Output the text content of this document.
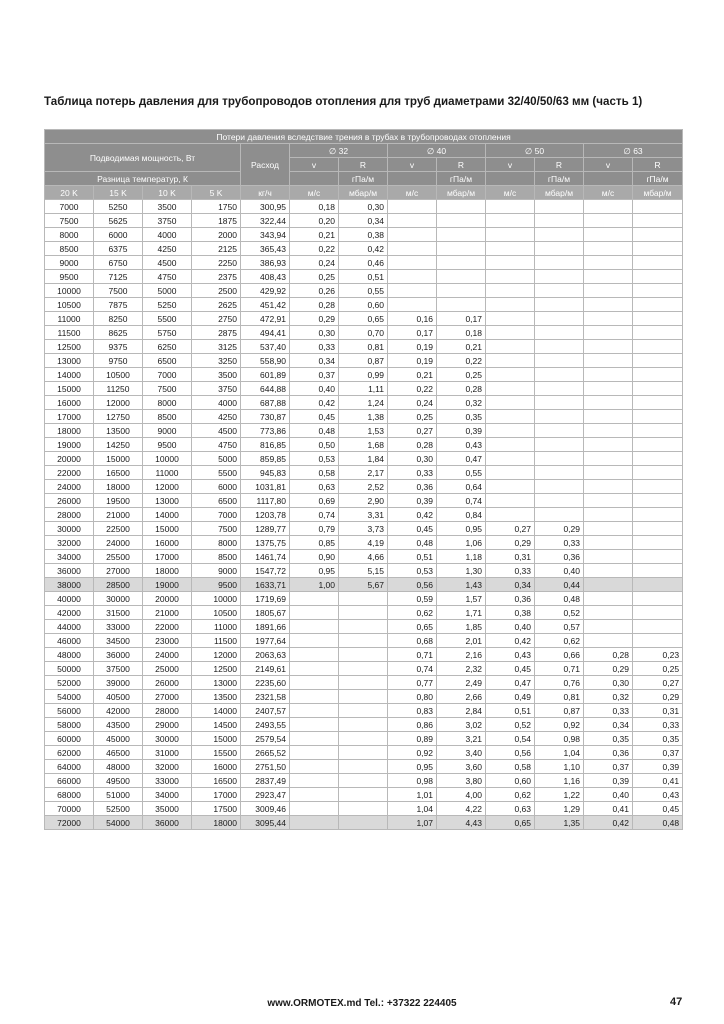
Таблица потерь давления для трубопроводов отопления для труб диаметрами 32/40/50/63 мм (часть 1)
Потери давления вследствие трения в трубах в трубопроводах отопления												
Подводимая мощность, Вт				Расход	∅ 32		∅ 40		∅ 50		∅ 63	
					v	R	v	R	v	R	v	R
Разница температур, К						гПа/м		гПа/м		гПа/м		гПа/м
20 K	15 K	10 K	5 K	кг/ч	м/с	мбар/м	м/с	мбар/м	м/с	мбар/м	м/с	мбар/м
7000	5250	3500	1750	300,95	0,18	0,30						
7500	5625	3750	1875	322,44	0,20	0,34						
8000	6000	4000	2000	343,94	0,21	0,38						
8500	6375	4250	2125	365,43	0,22	0,42						
9000	6750	4500	2250	386,93	0,24	0,46						
9500	7125	4750	2375	408,43	0,25	0,51						
10000	7500	5000	2500	429,92	0,26	0,55						
10500	7875	5250	2625	451,42	0,28	0,60						
11000	8250	5500	2750	472,91	0,29	0,65	0,16	0,17				
11500	8625	5750	2875	494,41	0,30	0,70	0,17	0,18				
12500	9375	6250	3125	537,40	0,33	0,81	0,19	0,21				
13000	9750	6500	3250	558,90	0,34	0,87	0,19	0,22				
14000	10500	7000	3500	601,89	0,37	0,99	0,21	0,25				
15000	11250	7500	3750	644,88	0,40	1,11	0,22	0,28				
16000	12000	8000	4000	687,88	0,42	1,24	0,24	0,32				
17000	12750	8500	4250	730,87	0,45	1,38	0,25	0,35				
18000	13500	9000	4500	773,86	0,48	1,53	0,27	0,39				
19000	14250	9500	4750	816,85	0,50	1,68	0,28	0,43				
20000	15000	10000	5000	859,85	0,53	1,84	0,30	0,47				
22000	16500	11000	5500	945,83	0,58	2,17	0,33	0,55				
24000	18000	12000	6000	1031,81	0,63	2,52	0,36	0,64				
26000	19500	13000	6500	1117,80	0,69	2,90	0,39	0,74				
28000	21000	14000	7000	1203,78	0,74	3,31	0,42	0,84				
30000	22500	15000	7500	1289,77	0,79	3,73	0,45	0,95	0,27	0,29		
32000	24000	16000	8000	1375,75	0,85	4,19	0,48	1,06	0,29	0,33		
34000	25500	17000	8500	1461,74	0,90	4,66	0,51	1,18	0,31	0,36		
36000	27000	18000	9000	1547,72	0,95	5,15	0,53	1,30	0,33	0,40		
38000	28500	19000	9500	1633,71	1,00	5,67	0,56	1,43	0,34	0,44		
40000	30000	20000	10000	1719,69			0,59	1,57	0,36	0,48		
42000	31500	21000	10500	1805,67			0,62	1,71	0,38	0,52		
44000	33000	22000	11000	1891,66			0,65	1,85	0,40	0,57		
46000	34500	23000	11500	1977,64			0,68	2,01	0,42	0,62		
48000	36000	24000	12000	2063,63			0,71	2,16	0,43	0,66	0,28	0,23
50000	37500	25000	12500	2149,61			0,74	2,32	0,45	0,71	0,29	0,25
52000	39000	26000	13000	2235,60			0,77	2,49	0,47	0,76	0,30	0,27
54000	40500	27000	13500	2321,58			0,80	2,66	0,49	0,81	0,32	0,29
56000	42000	28000	14000	2407,57			0,83	2,84	0,51	0,87	0,33	0,31
58000	43500	29000	14500	2493,55			0,86	3,02	0,52	0,92	0,34	0,33
60000	45000	30000	15000	2579,54			0,89	3,21	0,54	0,98	0,35	0,35
62000	46500	31000	15500	2665,52			0,92	3,40	0,56	1,04	0,36	0,37
64000	48000	32000	16000	2751,50			0,95	3,60	0,58	1,10	0,37	0,39
66000	49500	33000	16500	2837,49			0,98	3,80	0,60	1,16	0,39	0,41
68000	51000	34000	17000	2923,47			1,01	4,00	0,62	1,22	0,40	0,43
70000	52500	35000	17500	3009,46			1,04	4,22	0,63	1,29	0,41	0,45
72000	54000	36000	18000	3095,44			1,07	4,43	0,65	1,35	0,42	0,48
www.ORMOTEX.md Tel.: +37322 224405	47
